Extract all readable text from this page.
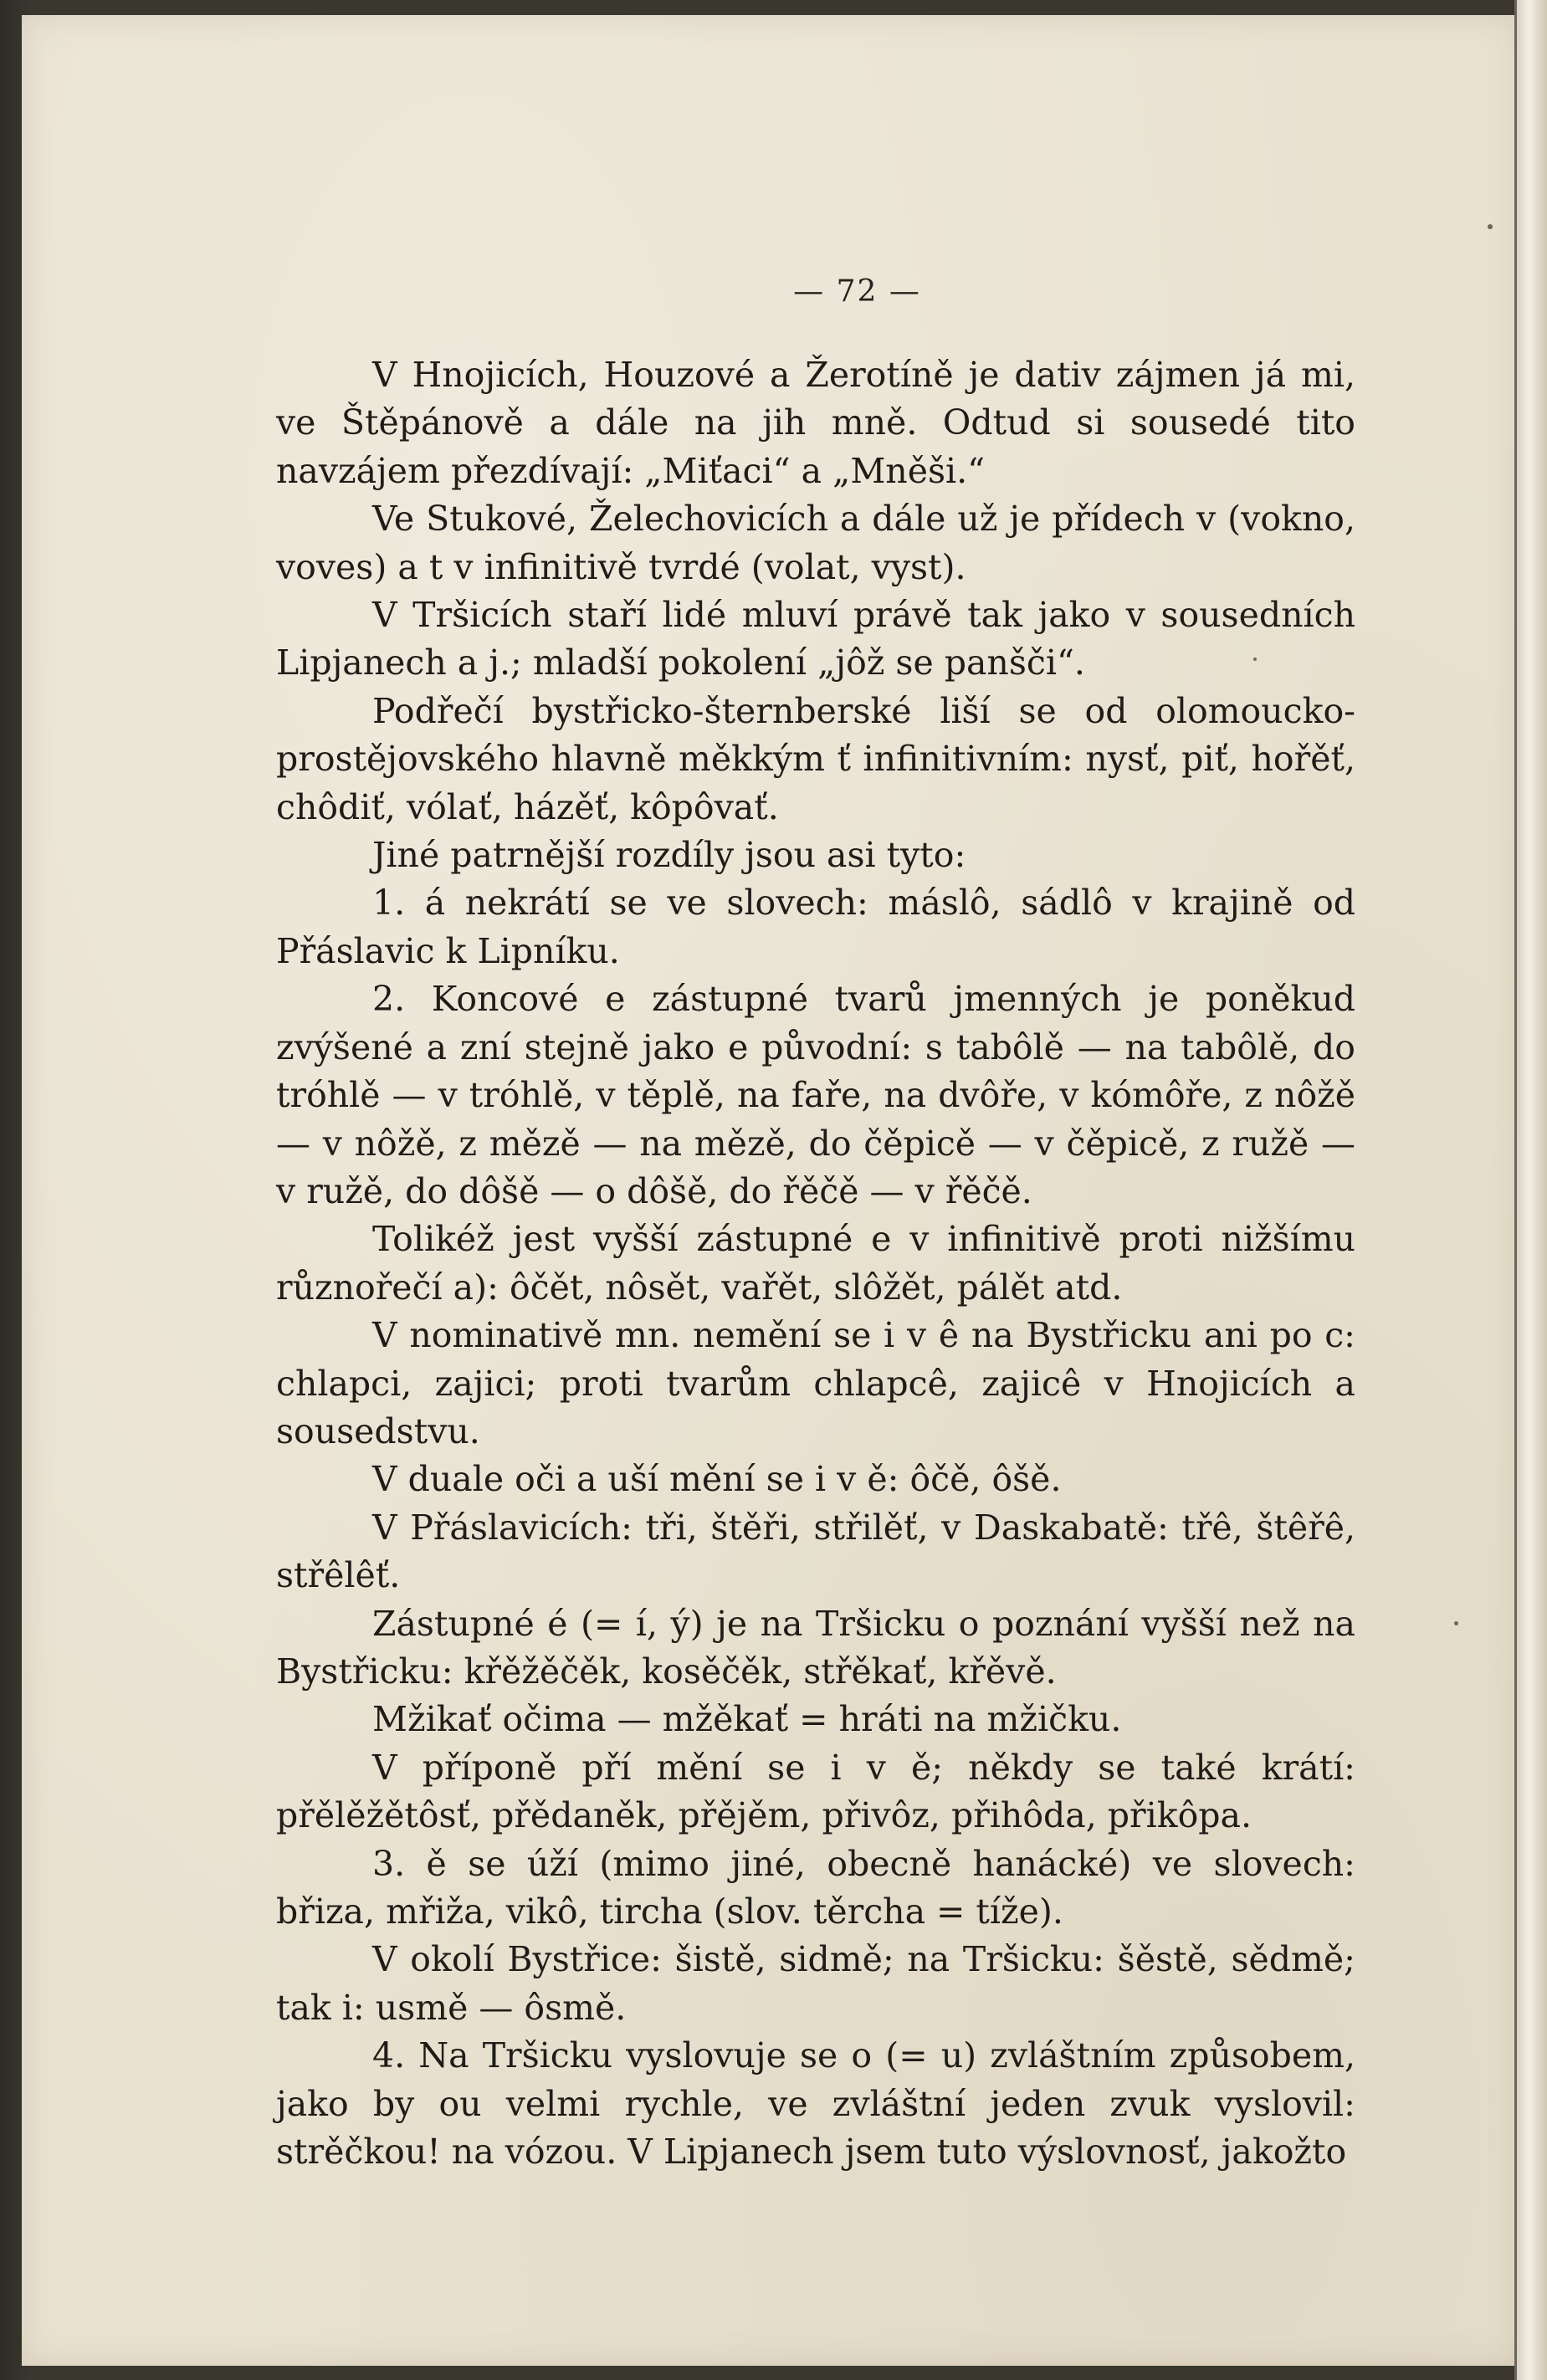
— 72 —

V Hnojicích, Houzové a Žerotíně je dativ zájmen já mi, ve Štěpánově a dále na jih mně. Odtud si sousedé tito navzájem přezdívají: „Miťaci“ a „Mněši.“

Ve Stukové, Želechovicích a dále už je přídech v (vokno, voves) a t v infinitivě tvrdé (volat, vyst).

V Tršicích staří lidé mluví právě tak jako v sousedních Lipjanech a j.; mladší pokolení „jôž se panšči“.

Podřečí bystřicko-šternberské liší se od olomoucko-prostějovského hlavně měkkým ť infinitivním: nysť, piť, hořěť, chôdiť, vólať, házěť, kôpôvať.

Jiné patrnější rozdíly jsou asi tyto:

1. á nekrátí se ve slovech: máslô, sádlô v krajině od Přáslavic k Lipníku.

2. Koncové e zástupné tvarů jmenných je poněkud zvýšené a zní stejně jako e původní: s tabôlě — na tabôlě, do tróhlě — v tróhlě, v těplě, na faře, na dvôře, v kómôře, z nôžě — v nôžě, z mězě — na mězě, do čěpicě — v čěpicě, z ružě — v ružě, do dôšě — o dôšě, do řěčě — v řěčě.

Tolikéž jest vyšší zástupné e v infinitivě proti nižšímu různořečí a): ôčět, nôsět, vařět, slôžět, pálět atd.

V nominativě mn. nemění se i v ê na Bystřicku ani po c: chlapci, zajici; proti tvarům chlapcê, zajicê v Hnojicích a sousedstvu.

V duale oči a uší mění se i v ě: ôčě, ôšě.

V Přáslavicích: tři, štěři, střilěť, v Daskabatě: třê, štêřê, střêlêť.

Zástupné é (= í, ý) je na Tršicku o poznání vyšší než na Bystřicku: křěžěčěk, kosěčěk, střěkať, křěvě.

Mžikať očima — mžěkať = hráti na mžičku.

V příponě pří mění se i v ě; někdy se také krátí: přělěžětôsť, přědaněk, přějěm, přivôz, přihôda, přikôpa.

3. ě se úží (mimo jiné, obecně hanácké) ve slovech: břiza, mřiža, vikô, tircha (slov. těrcha = tíže).

V okolí Bystřice: šistě, sidmě; na Tršicku: šěstě, sědmě; tak i: usmě — ôsmě.

4. Na Tršicku vyslovuje se o (= u) zvláštním způsobem, jako by ou velmi rychle, ve zvláštní jeden zvuk vyslovil: strěčkou! na vózou. V Lipjanech jsem tuto výslovnosť, jakožto
